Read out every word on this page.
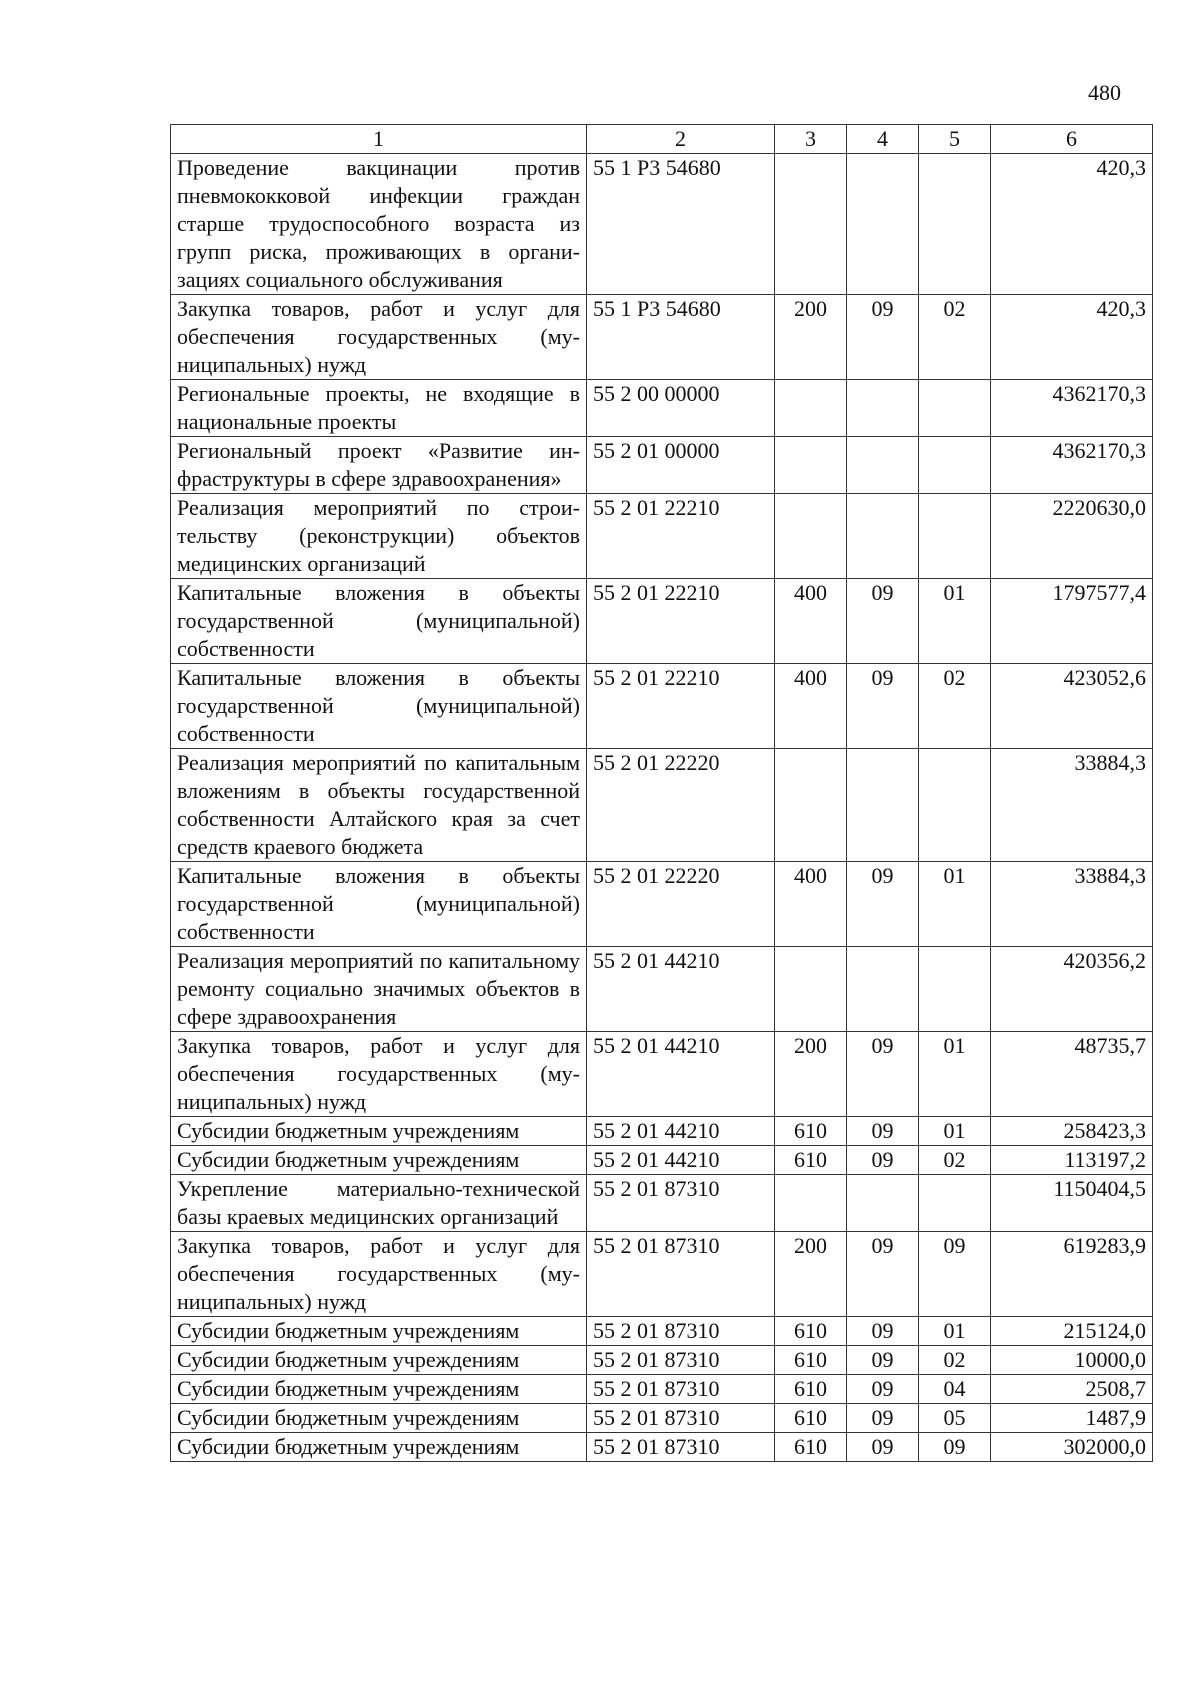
480
1	2	3	4	5	6
Проведение вакцинации против пневмококковой инфекции граждан старше трудоспособного возраста из групп риска, проживающих в организациях социального обслуживания	55 1 Р3 54680				420,3
Закупка товаров, работ и услуг для обеспечения государственных (муниципальных) нужд	55 1 Р3 54680	200	09	02	420,3
Региональные проекты, не входящие в национальные проекты	55 2 00 00000				4362170,3
Региональный проект «Развитие инфраструктуры в сфере здравоохранения»	55 2 01 00000				4362170,3
Реализация мероприятий по строительству (реконструкции) объектов медицинских организаций	55 2 01 22210				2220630,0
Капитальные вложения в объекты государственной (муниципальной) собственности	55 2 01 22210	400	09	01	1797577,4
Капитальные вложения в объекты государственной (муниципальной) собственности	55 2 01 22210	400	09	02	423052,6
Реализация мероприятий по капитальным вложениям в объекты государственной собственности Алтайского края за счет средств краевого бюджета	55 2 01 22220				33884,3
Капитальные вложения в объекты государственной (муниципальной) собственности	55 2 01 22220	400	09	01	33884,3
Реализация мероприятий по капитальному ремонту социально значимых объектов в сфере здравоохранения	55 2 01 44210				420356,2
Закупка товаров, работ и услуг для обеспечения государственных (муниципальных) нужд	55 2 01 44210	200	09	01	48735,7
Субсидии бюджетным учреждениям	55 2 01 44210	610	09	01	258423,3
Субсидии бюджетным учреждениям	55 2 01 44210	610	09	02	113197,2
Укрепление материально-технической базы краевых медицинских организаций	55 2 01 87310				1150404,5
Закупка товаров, работ и услуг для обеспечения государственных (муниципальных) нужд	55 2 01 87310	200	09	09	619283,9
Субсидии бюджетным учреждениям	55 2 01 87310	610	09	01	215124,0
Субсидии бюджетным учреждениям	55 2 01 87310	610	09	02	10000,0
Субсидии бюджетным учреждениям	55 2 01 87310	610	09	04	2508,7
Субсидии бюджетным учреждениям	55 2 01 87310	610	09	05	1487,9
Субсидии бюджетным учреждениям	55 2 01 87310	610	09	09	302000,0
